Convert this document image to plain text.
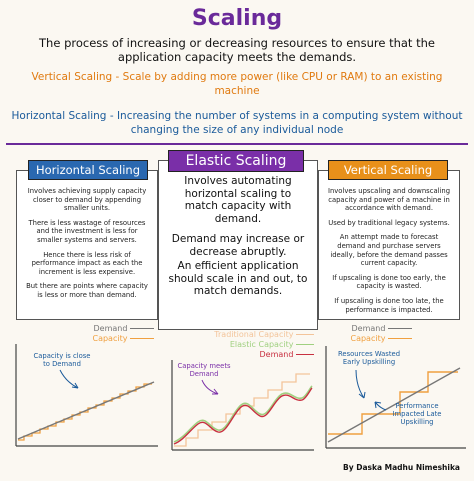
Scaling
The process of increasing or decreasing resources to ensure that the application capacity meets the demands.
Vertical Scaling - Scale by adding more power (like CPU or RAM) to an existing machine
Horizontal Scaling - Increasing the number of systems in a computing system without changing the size of any individual node

Involves achieving supply capacity closer to demand by appending smaller units.

There is less wastage of resources and the investment is less for smaller systems and servers.

Hence there is less risk of performance impact as each the increment is less expensive.

But there are points where capacity is less or more than demand.

Horizontal Scaling

Involves automating horizontal scaling to match capacity with demand.

Demand may increase or decrease abruptly.

An efficient application should scale in and out, to match demands.

Elastic Scaling

Involves upscaling and downscaling capacity and power of a machine in accordance with demand.

Used by traditional legacy systems.

An attempt made to forecast demand and purchase servers ideally, before the demand passes current capacity.

If upscaling is done too early, the capacity is wasted.

If upscaling is done too late, the performance is impacted.

Vertical Scaling
Demand
Capacity
Capacity is close to Demand
Traditional Capacity
Elastic Capacity
Demand
Capacity meets Demand
Demand
Capacity
Resources Wasted Early Upskilling
Performance Impacted Late Upskilling
By Daska Madhu Nimeshika
